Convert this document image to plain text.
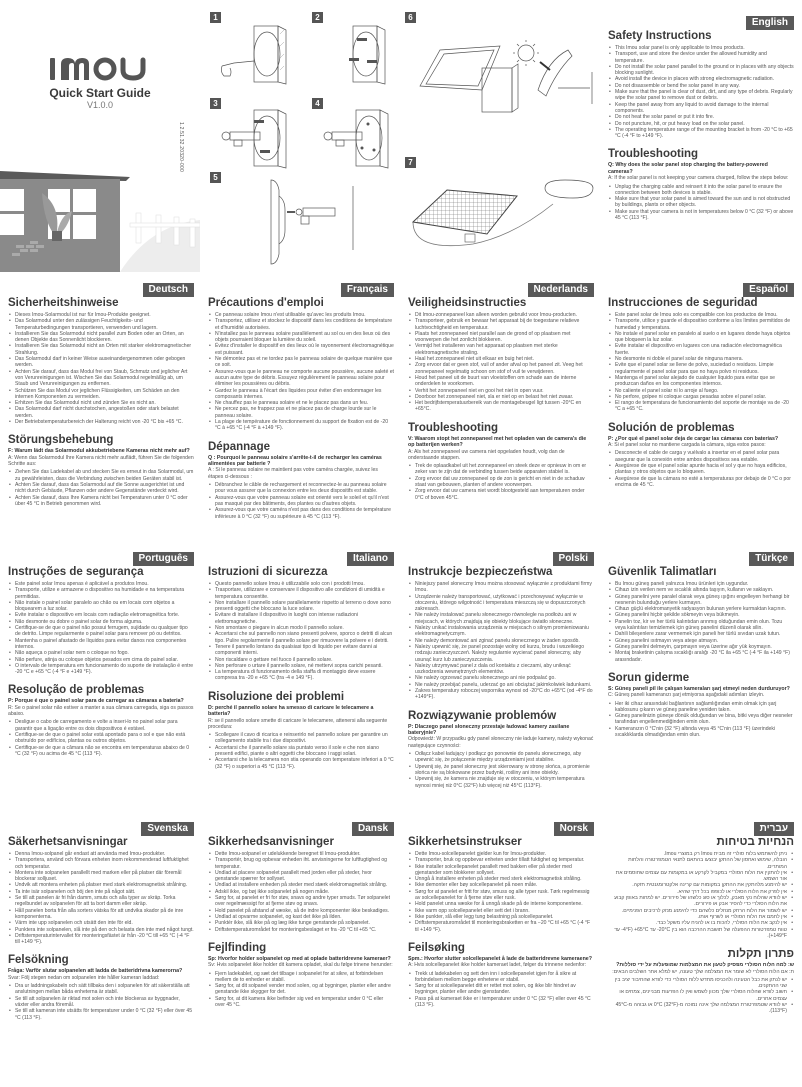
Quick Start Guide
V1.0.0
1.2.51.32.20320-000
1	2
3	4
5
6
7
English
Safety Instructions
• This Imou solar panel is only applicable to Imou products.
• Transport, use and store the device under the allowed humidity and temperature.
• Do not install the solar panel parallel to the ground or in places with any objects blocking sunlight.
• Avoid install the device in places with strong electromagnetic radiation.
• Do not disassemble or bend the solar panel in any way.
• Make sure that the panel is clear of dust, dirt, and any type of debris. Regularly wipe the solar panel to remove dust or debris.
• Keep the panel away from any liquid to avoid damage to the internal components.
• Do not heat the solar panel or put it into fire.
• Do not puncture, hit, or put heavy load on the solar panel.
• The operating temperature range of the mounting bracket is from -20 °C to +65 °C (-4 °F to +149 °F).
Troubleshooting
Q: Why does the solar panel stop charging the battery-powered cameras?
A: If the solar panel is not keeping your camera charged, follow the steps below:
• Unplug the charging cable and reinsert it into the solar panel to ensure the connection between both devices is stable.
• Make sure that your solar panel is aimed toward the sun and is not obstructed by buildings, plants or other objects.
• Make sure that your camera is not in temperatures below 0 °C (32 °F) or above 45 °C (113 °F).
Deutsch
Sicherheitshinweise
• Dieses Imou-Solarmodul ist nur für Imou-Produkte geeignet.
• Das Solarmodul unter den zulässigen Feuchtigkeits- und Temperaturbedingungen transportieren, verwenden und lagern.
• Installieren Sie das Solarmodul nicht parallel zum Boden oder an Orten, an denen Objekte das Sonnenlicht blockieren.
• Installieren Sie das Solarmodul nicht an Orten mit starker elektromagnetischer Strahlung.
• Das Solarmodul darf in keiner Weise auseinandergenommen oder gebogen werden.
• Achten Sie darauf, dass das Modul frei von Staub, Schmutz und jeglicher Art von Verunreinigungen ist. Wischen Sie das Solarmodul regelmäßig ab, um Staub und Verunreinigungen zu entfernen.
• Schützen Sie das Modul vor jeglichen Flüssigkeiten, um Schäden an den internen Komponenten zu vermeiden.
• Erhitzen Sie das Solarmodul nicht und zünden Sie es nicht an.
• Das Solarmodul darf nicht durchstochen, angestoßen oder stark belastet werden.
• Der Betriebstemperaturbereich der Halterung reicht von -20 °C bis +65 °C.
Störungsbehebung
F: Warum lädt das Solarmodul akkubetriebene Kameras nicht mehr auf?
A: Wenn das Solarmodul Ihre Kamera nicht mehr auflädt, führen Sie die folgenden Schritte aus:
• Ziehen Sie das Ladekabel ab und stecken Sie es erneut in das Solarmodul, um zu gewährleisten, dass die Verbindung zwischen beiden Geräten stabil ist.
• Achten Sie darauf, dass das Solarmodul auf die Sonne ausgerichtet ist und nicht durch Gebäude, Pflanzen oder andere Gegenstände verdeckt wird.
• Achten Sie darauf, dass Ihre Kamera nicht bei Temperaturen unter 0 °C oder über 45 °C in Betrieb genommen wird.
Français
Précautions d'emploi
• Ce panneau solaire Imou n'est utilisable qu'avec les produits Imou.
• Transportez, utilisez et stockez le dispositif dans les conditions de température et d'humidité autorisées.
• N'installez pas le panneau solaire parallèlement au sol ou en des lieux où des objets pourraient bloquer la lumière du soleil.
• Évitez d'installer le dispositif en des lieux où le rayonnement électromagnétique est puissant.
• Ne démontez pas et ne tordez pas le panneau solaire de quelque manière que ce soit.
• Assurez-vous que le panneau ne comporte aucune poussière, aucune saleté et aucun autre type de débris. Essuyez régulièrement le panneau solaire pour éliminer les poussières ou débris.
• Gardez le panneau à l'écart des liquides pour éviter d'en endommager les composants internes.
• Ne chauffez pas le panneau solaire et ne le placez pas dans un feu.
• Ne percez pas, ne frappez pas et ne placez pas de charge lourde sur le panneau solaire.
• La plage de température de fonctionnement du support de fixation est de -20 °C à +65 °C (-4 °F à +149 °F).
Dépannage
Q : Pourquoi le panneau solaire s'arrête-t-il de recharger les caméras alimentées par batterie ?
A : Si le panneau solaire ne maintient pas votre caméra chargée, suivez les étapes ci-dessous :
• Débranchez le câble de rechargement et reconnectez-le au panneau solaire pour vous assurer que la connexion entre les deux dispositifs est stable.
• Assurez-vous que votre panneau solaire est orienté vers le soleil et qu'il n'est pas masqué par des bâtiments, des plantes ou d'autres objets.
• Assurez-vous que votre caméra n'est pas dans des conditions de température inférieure à 0 °C (32 °F) ou supérieure à 45 °C (113 °F).
Nederlands
Veiligheidsinstructies
• Dit Imou-zonnepaneel kan alleen worden gebruikt voor Imou-producten.
• Transporteer, gebruik en bewaar het apparaat bij de toegestane relatieve luchtvochtigheid en temperatuur.
• Plaats het zonnepaneel niet parallel aan de grond of op plaatsen met voorwerpen die het zonlicht blokkeren.
• Vermijd het installeren van het apparaat op plaatsen met sterke elektromagnetische straling.
• Haal het zonnepaneel niet uit elkaar en buig het niet.
• Zorg ervoor dat er geen stof, vuil of ander afval op het paneel zit. Veeg het zonnepaneel regelmatig schoon om stof of vuil te verwijderen.
• Houd het paneel uit de buurt van vloeistoffen om schade aan de interne onderdelen te voorkomen.
• Verhit het zonnepaneel niet en gooi het niet in open vuur.
• Doorboor het zonnepaneel niet, sla er niet op en belast het niet zwaar.
• Het bedrijfstemperatuurbereik van de montagebeugel ligt tussen -20°C en +65°C.
Troubleshooting
V: Waarom stopt het zonnepaneel met het opladen van de camera's die op batterijen werken?
A: Als het zonnepaneel uw camera niet opgeladen houdt, volg dan de onderstaande stappen.
• Trek de oplaadkabel uit het zonnepaneel en steek deze er opnieuw in om er zeker van te zijn dat de verbinding tussen beide apparaten stabiel is.
• Zorg ervoor dat uw zonnepaneel op de zon is gericht en niet in de schaduw staat van gebouwen, planten of andere voorwerpen.
• Zorg ervoor dat uw camera niet wordt blootgesteld aan temperaturen onder 0°C of boven 45°C.
Español
Instrucciones de seguridad
• Este panel solar de Imou solo es compatible con los productos de Imou.
• Transporte, utilice y guarde el dispositivo conforme a los límites permitidos de humedad y temperatura.
• No instale el panel solar en paralelo al suelo o en lugares donde haya objetos que bloqueen la luz solar.
• Evite instalar el dispositivo en lugares con una radiación electromagnética fuerte.
• No desmonte ni doble el panel solar de ninguna manera.
• Evite que el panel solar se llene de polvo, suciedad o residuos. Limpie regularmente el panel solar para que no haya polvo ni residuos.
• Mantenga el panel solar alejado de cualquier líquido para evitar que se produzcan daños en los componentes internos.
• No caliente el panel solar ni lo arroje al fuego.
• No perfore, golpee ni coloque cargas pesadas sobre el panel solar.
• El rango de temperatura de funcionamiento del soporte de montaje va de -20 °C a +65 °C.
Solución de problemas
P: ¿Por qué el panel solar deja de cargar las cámaras con baterías?
A: Si el panel solar no mantiene cargada la cámara, siga estos pasos:
• Desconecte el cable de carga y vuélvalo a insertar en el panel solar para asegurar que la conexión entre ambos dispositivos sea estable.
• Asegúrese de que el panel solar apunte hacia el sol y que no haya edificios, plantas y otros objetos que lo bloqueen.
• Asegúrese de que la cámara no esté a temperaturas por debajo de 0 °C o por encima de 45 °C.
Português
Instruções de segurança
• Este painel solar Imou apenas é aplicável a produtos Imou.
• Transporte, utilize e armazene o dispositivo na humidade e na temperatura permitidas.
• Não instale o painel solar paralelo ao chão ou em locais com objetos a bloquearem a luz solar.
• Evite instalar o dispositivo em locais com radiação eletromagnética forte.
• Não desmonte ou dobre o painel solar de forma alguma.
• Certifique-se de que o painel não possui ferrugem, sujidade ou qualquer tipo de detrito. Limpe regularmente o painel solar para remover pó ou detritos.
• Mantenha o painel afastado de líquidos para evitar danos nos componentes internos.
• Não aqueça o painel solar nem o coloque no fogo.
• Não perfure, atinja ou coloque objetos pesados em cima do painel solar.
• O intervalo de temperatura em funcionamento do suporte de instalação é entre -20 °C e +65 °C (-4 °F e +149 °F).
Resolução de problemas
P: Porque é que o painel solar para de carregar as câmaras a bateria?
R: Se o painel solar não estiver a manter a sua câmara carregada, siga os passos abaixo.
• Desligue o cabo de carregamento e volte a inseri-lo no painel solar para garantir que a ligação entre os dois dispositivos é estável.
• Certifique-se de que o painel solar está apontado para o sol e que não está obstruído por edifícios, plantas ou outros objetos.
• Certifique-se de que a câmara não se encontra em temperaturas abaixo de 0 °C (32 °F) ou acima de 45 °C (113 °F).
Italiano
Istruzioni di sicurezza
• Questo pannello solare Imou è utilizzabile solo con i prodotti Imou.
• Trasportare, utilizzare e conservare il dispositivo alle condizioni di umidità e temperatura consentite.
• Non installare il pannello solare parallelamente rispetto al terreno o dove sono presenti oggetti che bloccano la luce solare.
• Evitare di installare il dispositivo in luoghi con intense radiazioni elettromagnetiche.
• Non smontare o piegare in alcun modo il pannello solare.
• Accertarsi che sul pannello non siano presenti polvere, sporco o detriti di alcun tipo. Pulire regolarmente il pannello solare per rimuovere la polvere e i detriti.
• Tenere il pannello lontano da qualsiasi tipo di liquido per evitare danni ai componenti interni.
• Non riscaldare o gettare nel fuoco il pannello solare.
• Non perforare o urtare il pannello solare, né mettervi sopra carichi pesanti.
• La temperatura di funzionamento della staffa di montaggio deve essere compresa tra -20 e +65 °C (tra -4 e 149 °F).
Risoluzione dei problemi
D: perché il pannello solare ha smesso di caricare le telecamere a batteria?
R: se il pannello solare smette di caricare le telecamere, attenersi alla seguente procedura:
• Scollegare il cavo di ricarica e reinserirlo nel pannello solare per garantire un collegamento stabile tra i due dispositivi.
• Accertarsi che il pannello solare sia puntato verso il sole e che non siano presenti edifici, piante o altri oggetti che bloccano i raggi solari.
• Accertarsi che la telecamera non stia operando con temperature inferiori a 0 °C (32 °F) o superiori a 45 °C (113 °F).
Polski
Instrukcje bezpieczeństwa
• Niniejszy panel słoneczny Imou można stosować wyłącznie z produktami firmy Imou.
• Urządzenie należy transportować, użytkować i przechowywać wyłącznie w otoczeniu, którego wilgotność i temperatura mieszczą się w dopuszczonych zakresach.
• Nie należy instalować panelu słonecznego równolegle na podłożu ani w miejscach, w których znajdują się obiekty blokujące światło słoneczne.
• Należy unikać instalowania urządzenia w miejscach o silnym promieniowaniu elektromagnetycznym.
• Nie należy demontować ani zginać panelu słonecznego w żaden sposób.
• Należy upewnić się, że panel pozostaje wolny od kurzu, brudu i wszelkiego rodzaju zanieczyszczeń. Należy regularnie wycierać panel słoneczny, aby usunąć kurz lub zanieczyszczenia.
• Należy utrzymywać panel z dala od kontaktu z cieczami, aby uniknąć uszkodzenia wewnętrznych elementów.
• Nie należy ogrzewać panelu słonecznego ani nie podpalać go.
• Nie należy przebijać panelu, uderzać go ani obciążać jakimkolwiek ładunkami.
• Zakres temperatury roboczej wspornika wynosi od -20°C do +65°C (od -4°F do +149°F).
Rozwiązywanie problemów
P: Dlaczego panel słoneczny przestaje ładować kamery zasilane bateryjnie?
Odpowiedź: W przypadku gdy panel słoneczny nie ładuje kamery, należy wykonać następujące czynności:
• Odłącz kabel ładujący i podłącz go ponownie do panelu słonecznego, aby upewnić się, że połączenie między urządzeniami jest stabilne.
• Upewnij się, że panel słoneczny jest skierowany w stronę słońca, a promienie słońca nie są blokowane przez budynki, rośliny ani inne obiekty.
• Upewnij się, że kamera nie znajduje się w otoczeniu, w którym temperatura wynosi mniej niż 0°C (32°F) lub więcej niż 45°C (113°F).
Türkçe
Güvenlik Talimatları
• Bu Imou güneş paneli yalnızca Imou ürünleri için uygundur.
• Cihazı izin verilen nem ve sıcaklık altında taşıyın, kullanın ve saklayın.
• Güneş panelini yere paralel olarak veya güneş ışığını engelleyen herhangi bir nesnenin bulunduğu yerlere kurmayın.
• Cihazı güçlü elektromanyetik radyasyon bulunan yerlere kurmaktan kaçının.
• Güneş panelini hiçbir şekilde sökmeyin veya bükmeyin.
• Panelin toz, kir ve her türlü kalıntıdan arınmış olduğundan emin olun. Tozu veya kalıntıları temizlemek için güneş panelini düzenli olarak silin.
• Dahili bileşenlere zarar vermemek için paneli her türlü sıvıdan uzak tutun.
• Güneş panelini ısıtmayın veya ateşe atmayın.
• Güneş panelini delmeyin, çarpmayın veya üzerine ağır yük koymayın.
• Montaj braketinin çalışma sıcaklığı aralığı -20 °C ila +65 °C (-4 °F ila +149 °F) arasındadır.
Sorun giderme
S: Güneş paneli pil ile çalışan kameraları şarj etmeyi neden durduruyor?
C: Güneş paneli kameranızı şarj etmiyorsa aşağıdaki adımları izleyin.
• Her iki cihaz arasındaki bağlantının sağlamlığından emin olmak için şarj kablosunu çıkarın ve güneş paneline yeniden takın.
• Güneş panelinizin güneşe dönük olduğundan ve bina, bitki veya diğer nesneler tarafından engellenmediğinden emin olun.
• Kameranızın 0 °C'nin (32 °F) altında veya 45 °C'nin (113 °F) üzerindeki sıcaklıklarda olmadığından emin olun.
Svenska
Säkerhetsanvisningar
• Denna Imou-solpanel går endast att använda med Imou-produkter.
• Transportera, använd och förvara enheten inom rekommenderad luftfuktighet och temperatur.
• Montera inte solpanelen parallellt med marken eller på platser där föremål blockerar solljuset.
• Undvik att montera enheten på platser med stark elektromagnetisk strålning.
• Ta inte isär solpanelen och böj den inte på något sätt.
• Se till att panelen är fri från damm, smuts och alla typer av skräp. Torka regelbundet av solpanelen för att ta bort damm eller skräp.
• Håll panelen borta från alla sorters vätska för att undvika skador på de inre komponenterna.
• Värm inte upp solpanelen och utsätt den inte för eld.
• Punktera inte solpanelen, slå inte på den och belasta den inte med något tungt.
• Driftstemperaturintervallet för monteringsfästet är från -20 °C till +65 °C (-4 °F till +149 °F).
Felsökning
Fråga: Varför slutar solpanelen att ladda de batteridrivna kamerorna?
Svar: Följ stegen nedan om solpanelen inte håller kameran laddad:
• Dra ur laddningskabeln och sätt tillbaka den i solpanelen för att säkerställa att anslutningen mellan båda enheterna är stabil.
• Se till att solpanelen är riktad mot solen och inte blockeras av byggnader, växter eller andra föremål.
• Se till att kameran inte utsätts för temperaturer under 0 °C (32 °F) eller över 45 °C (113 °F).
Dansk
Sikkerhedsanvisninger
• Dette Imou-solpanel er udelukkende beregnet til Imou-produkter.
• Transportér, brug og opbevar enheden iht. anvisningerne for luftfugtighed og temperatur.
• Undlad at placere solpanelet parallelt med jorden eller på steder, hvor genstande spærrer for sollyset.
• Undlad at installere enheden på steder med stærk elektromagnetisk stråling.
• Adskil ikke, og bøj ikke solpanelet på nogen måde.
• Sørg for, at panelet er fri for støv, snavs og andre typer smuds. Tør solpanelet over regelmæssigt for at fjerne støv og snavs.
• Hold panelet på afstand af væske, så de indre komponenter ikke beskadiges.
• Undlad at opvarme solpanelet, og kast det ikke på ilden.
• Punktér ikke, slå ikke på og læg ikke tunge genstande på solpanelet.
• Driftstemperaturområdet for monteringsbeslaget er fra -20 °C til +65 °C.
Fejlfinding
Sp: Hvorfor holder solpanelet op med at oplade batteridrevne kameraer?
Sv: Hvis solpanelet ikke holder dit kamera opladet, skal du følge trinene herunder:
• Fjern ladekablet, og sæt det tilbage i solpanelet for at sikre, at forbindelsen mellem de to enheder er stabil.
• Sørg for, at dit solpanel vender mod solen, og at bygninger, planter eller andre genstande ikke skygger for det.
• Sørg for, at dit kamera ikke befinder sig ved en temperatur under 0 °C eller over 45 °C.
Norsk
Sikkerhetsinstrukser
• Dette Imou-solcellepanelet gjelder kun for Imou-produkter.
• Transporter, bruk og oppbevar enheten under tillatt fuktighet og temperatur.
• Ikke installer solcellepanelet parallelt med bakken eller på steder med gjenstander som blokkerer sollyset.
• Unngå å installere enheten på steder med sterk elektromagnetisk stråling.
• Ikke demonter eller bøy solcellepanelet på noen måte.
• Sørg for at panelet er fritt for støv, smuss og alle typer rusk. Tørk regelmessig av solcellepanelet for å fjerne støv eller rusk.
• Hold panelet unna væske for å unngå skade på de interne komponentene.
• Ikke varm opp solcellepanelet eller sett det i brann.
• Ikke punkter, slå eller legg tung belastning på solcellepanelet.
• Driftstemperaturområdet til monteringsbraketten er fra −20 °C til +65 °C (-4 °F til +149 °F).
Feilsøking
Spm.: Hvorfor slutter solcellepanelet å lade de batteridrevne kameraene?
A: Hvis solcellepanelet ikke holder kameraet ladet, følger du trinnene nedenfor:
• Trekk ut ladekabelen og sett den inn i solcellepanelet igjen for å sikre at forbindelsen mellom begge enhetene er stabil.
• Sørg for at solcellepanelet ditt er rettet mot solen, og ikke blir hindret av bygninger, planter eller andre gjenstander.
• Pass på at kameraet ikke er i temperaturer under 0 °C (32 °F) eller over 45 °C (113 °F).
עברית
הנחיות בטיחות
• ניתן להשתמש בלוח סולרי זה מבית Imou רק במוצרי Imou.
• הובלה, שימוש ואחסון של ההתקן יבוצעו בהתאם לתנאי הטמפרטורה והלחות המותרים.
• אין להתקין את הלוח הסולרי במקביל לקרקע או במקומות עם עצמים שחוסמים את אור השמש.
• יש להימנע מלהתקין את ההתקן במקומות עם קרינה אלקטרומגנטית חזקה.
• אין לפרק את הלוח הסולרי או לכופפו בכל דרך שהיא.
• יש לוודא שהלוח נקי מאבק, לכלוך או סוג כלשהו של פירורים. יש למחות באופן קבוע את הלוח הסולרי כדי להסיר אבק או פירורים.
• יש לשמור את הלוח הרחק מנוזלים כלשהם כדי להימנע מנזק לרכיבים הפנימיים.
• אין לחמם את הלוח הסולרי או לשרוף אותו.
• אין לנקב את הלוח הסולרי, להכות בו או להניח עליו משקל כבד.
• טווח טמפרטורות ההפעלה של תושבת ההרכבה הוא בין ‎-20°C‏ עד ‎+65°C‏ (‎-4°F‏ עד ‎+149°F‏).
פתרון תקלות
ש: למה הלוח הסולרי מפסיק לטעון את המצלמות שמופעלות על ידי סוללות?
ת: אם הלוח הסולרי לא שומר את המצלמה שלך טעונה, יש למלא אחר השלבים הבאים:
• יש לנתק את כבל הטעינה ולהכניסו מחדש ללוח הסולרי כדי לוודא שהחיבור יציב בין שני ההתקנים.
• חשוב לוודא שהלוח הסולרי שלך מכוון לשמש ואין לו הפרעות מבניינים, צמחים או עצמים אחרים.
• יש לוודא שטמפרטורת המצלמה שלך אינה נמוכה מ-0°C (32°F) או גבוהה מ-45°C (113°F).
